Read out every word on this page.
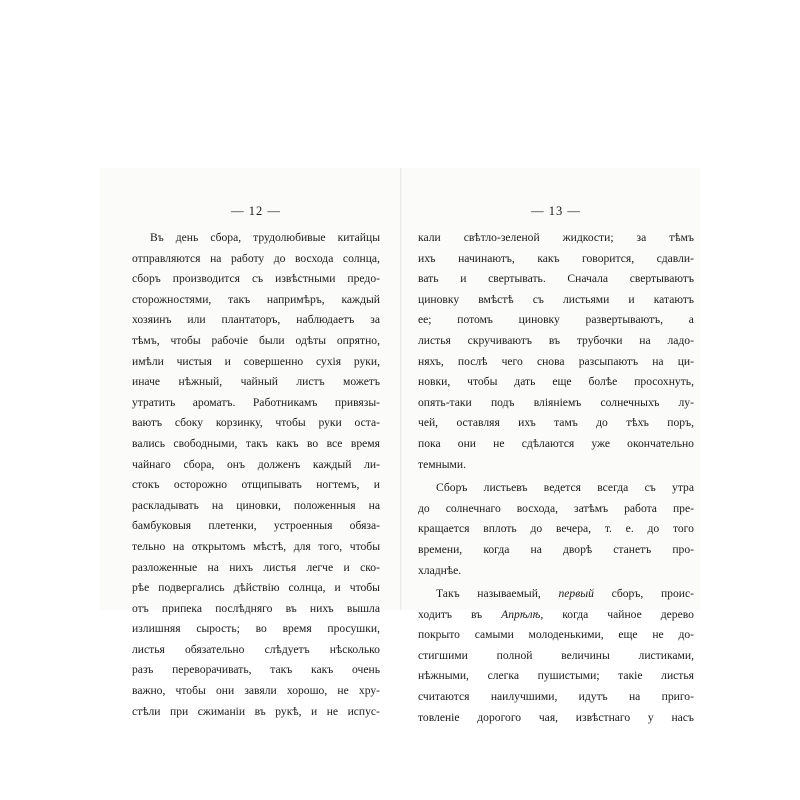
— 12 —
Въ день сбора, трудолюбивые китайцы
отправляются на работу до восхода солнца,
сборъ производится съ извѣстными предо-
сторожностями, такъ напримѣръ, каждый
хозяинъ или плантаторъ, наблюдаетъ за
тѣмъ, чтобы рабочіе были одѣты опрятно,
имѣли чистыя и совершенно сухія руки,
иначе нѣжный, чайный листъ можетъ
утратить ароматъ. Работникамъ привязы-
ваютъ сбоку корзинку, чтобы руки оста-
вались свободными, такъ какъ во все время
чайнаго сбора, онъ долженъ каждый ли-
стокъ осторожно отщипывать ногтемъ, и
раскладывать на циновки, положенныя на
бамбуковыя плетенки, устроенныя обяза-
тельно на открытомъ мѣстѣ, для того, чтобы
разложенные на нихъ листья легче и ско-
рѣе подвергались дѣйствію солнца, и чтобы
отъ припека послѣдняго въ нихъ вышла
излишняя сырость; во время просушки,
листья обязательно слѣдуетъ нѣсколько
разъ переворачивать, такъ какъ очень
важно, чтобы они завяли хорошо, не хру-
стѣли при сжиманіи въ рукѣ, и не испус-
— 13 —
кали свѣтло-зеленой жидкости; за тѣмъ
ихъ начинаютъ, какъ говорится, сдавли-
вать и свертывать. Сначала свертываютъ
циновку вмѣстѣ съ листьями и катаютъ
ее; потомъ циновку развертываютъ, а
листья скручиваютъ въ трубочки на ладо-
няхъ, послѣ чего снова разсыпаютъ на ци-
новки, чтобы дать еще болѣе просохнуть,
опять-таки подъ вліяніемъ солнечныхъ лу-
чей, оставляя ихъ тамъ до тѣхъ поръ,
пока они не сдѣлаются уже окончательно
темными.
Сборъ листьевъ ведется всегда съ утра
до солнечнаго восхода, затѣмъ работа пре-
кращается вплоть до вечера, т. е. до того
времени, когда на дворѣ станетъ про-
хладнѣе.
Такъ называемый, первый сборъ, проис-
ходитъ въ Апрѣлѣ, когда чайное дерево
покрыто самыми молоденькими, еще не до-
стигшими полной величины листиками,
нѣжными, слегка пушистыми; такіе листья
считаются наилучшими, идутъ на приго-
товленіе дорогого чая, извѣстнаго у насъ
